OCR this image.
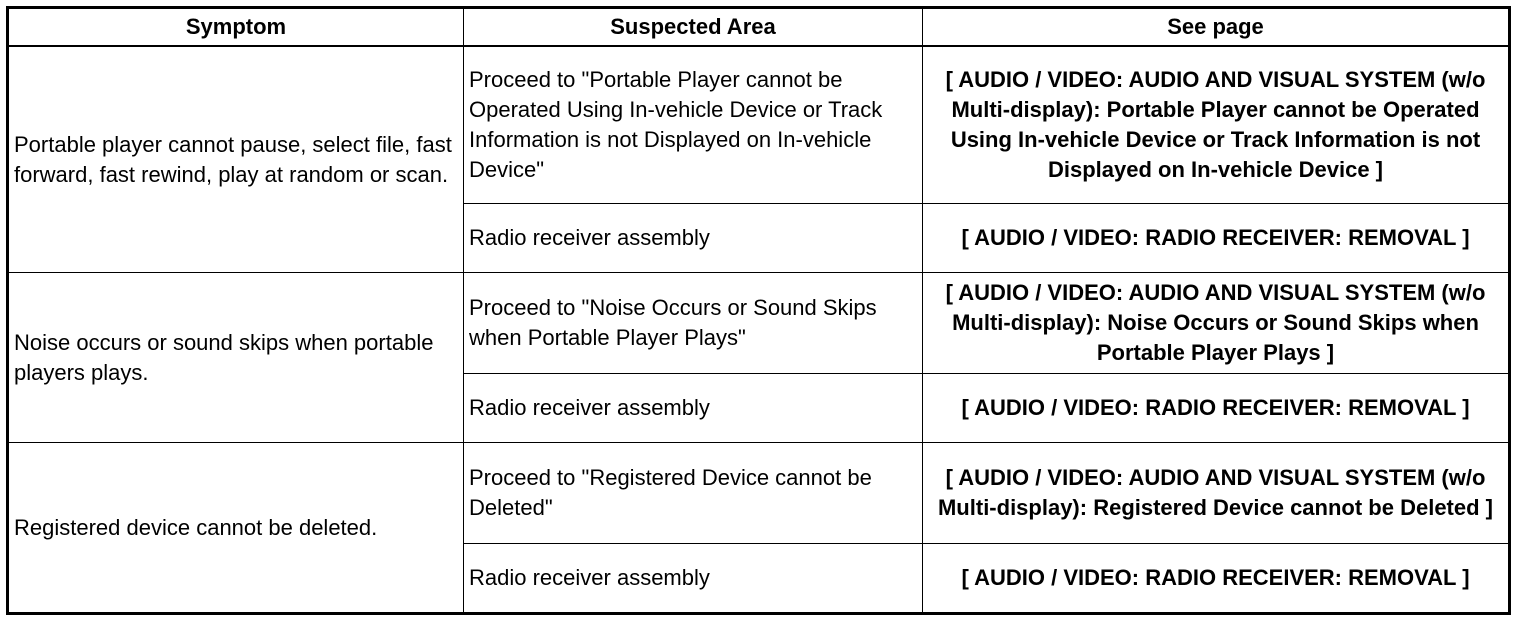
Symptom	Suspected Area	See page
Portable player cannot pause, select file, fast forward, fast rewind, play at random or scan.	Proceed to "Portable Player cannot be Operated Using In-vehicle Device or Track Information is not Displayed on In-vehicle Device"	[ AUDIO / VIDEO: AUDIO AND VISUAL SYSTEM (w/o Multi-display): Portable Player cannot be Operated Using In-vehicle Device or Track Information is not Displayed on In-vehicle Device ]
	Radio receiver assembly	[ AUDIO / VIDEO: RADIO RECEIVER: REMOVAL ]
Noise occurs or sound skips when portable players plays.	Proceed to "Noise Occurs or Sound Skips when Portable Player Plays"	[ AUDIO / VIDEO: AUDIO AND VISUAL SYSTEM (w/o Multi-display): Noise Occurs or Sound Skips when Portable Player Plays ]
	Radio receiver assembly	[ AUDIO / VIDEO: RADIO RECEIVER: REMOVAL ]
Registered device cannot be deleted.	Proceed to "Registered Device cannot be Deleted"	[ AUDIO / VIDEO: AUDIO AND VISUAL SYSTEM (w/o Multi-display): Registered Device cannot be Deleted ]
	Radio receiver assembly	[ AUDIO / VIDEO: RADIO RECEIVER: REMOVAL ]
